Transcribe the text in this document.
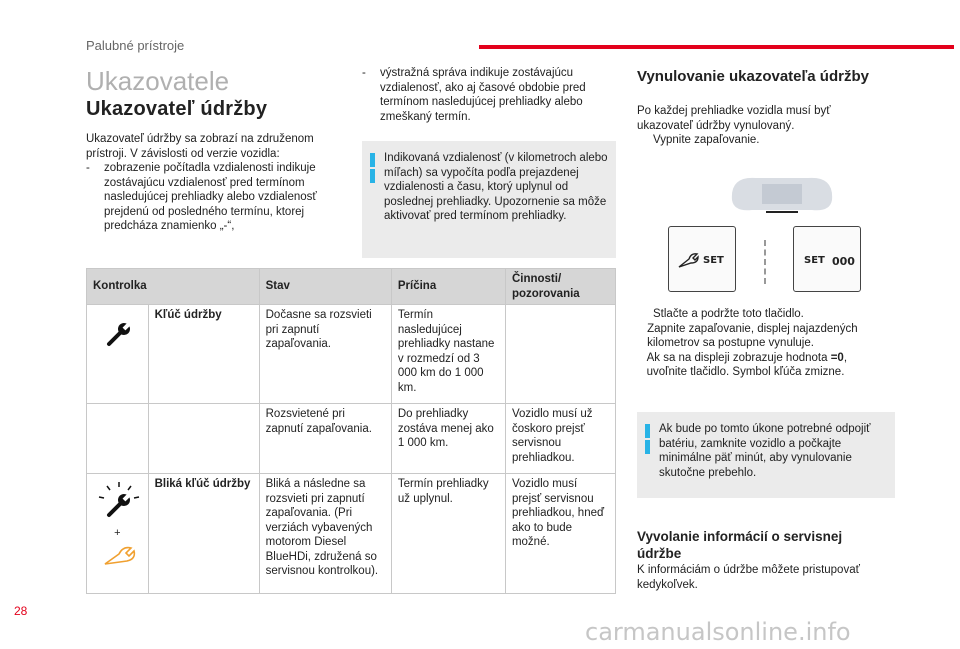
Palubné prístroje
Ukazovatele
Ukazovateľ údržby
Ukazovateľ údržby sa zobrazí na združenom prístroji. V závislosti od verzie vozidla:
-	zobrazenie počítadla vzdialenosti indikuje zostávajúcu vzdialenosť pred termínom nasledujúcej prehliadky alebo vzdialenosť prejdenú od posledného termínu, ktorej predcháza znamienko „-“,
-	výstražná správa indikuje zostávajúcu vzdialenosť, ako aj časové obdobie pred termínom nasledujúcej prehliadky alebo zmeškaný termín.
Indikovaná vzdialenosť (v kilometroch alebo míľach) sa vypočíta podľa prejazdenej vzdialenosti a času, ktorý uplynul od poslednej prehliadky. Upozornenie sa môže aktivovať pred termínom prehliadky.
Kontrolka		Stav	Príčina	Činnosti/ pozorovania
	Kľúč údržby	Dočasne sa rozsvieti pri zapnutí zapaľovania.	Termín nasledujúcej prehliadky nastane v rozmedzí od 3 000 km do 1 000 km.	
		Rozsvietené pri zapnutí zapaľovania.	Do prehliadky zostáva menej ako 1 000 km.	Vozidlo musí už čoskoro prejsť servisnou prehliadkou.

+	Bliká kľúč údržby	Bliká a následne sa rozsvieti pri zapnutí zapaľovania. (Pri verziách vybavených motorom Diesel BlueHDi, združená so servisnou kontrolkou).	Termín prehliadky už uplynul.	Vozidlo musí prejsť servisnou prehliadkou, hneď ako to bude možné.
Vynulovanie ukazovateľa údržby
Po každej prehliadke vozidla musí byť ukazovateľ údržby vynulovaný.
Vypnite zapaľovanie.
SET	SET 000
Stlačte a podržte toto tlačidlo.
Zapnite zapaľovanie, displej najazdených kilometrov sa postupne vynuluje.
Ak sa na displeji zobrazuje hodnota =0, uvoľnite tlačidlo. Symbol kľúča zmizne.
Ak bude po tomto úkone potrebné odpojiť batériu, zamknite vozidlo a počkajte minimálne päť minút, aby vynulovanie skutočne prebehlo.
Vyvolanie informácií o servisnej údržbe
K informáciám o údržbe môžete pristupovať kedykoľvek.
28
carmanualsonline.info
